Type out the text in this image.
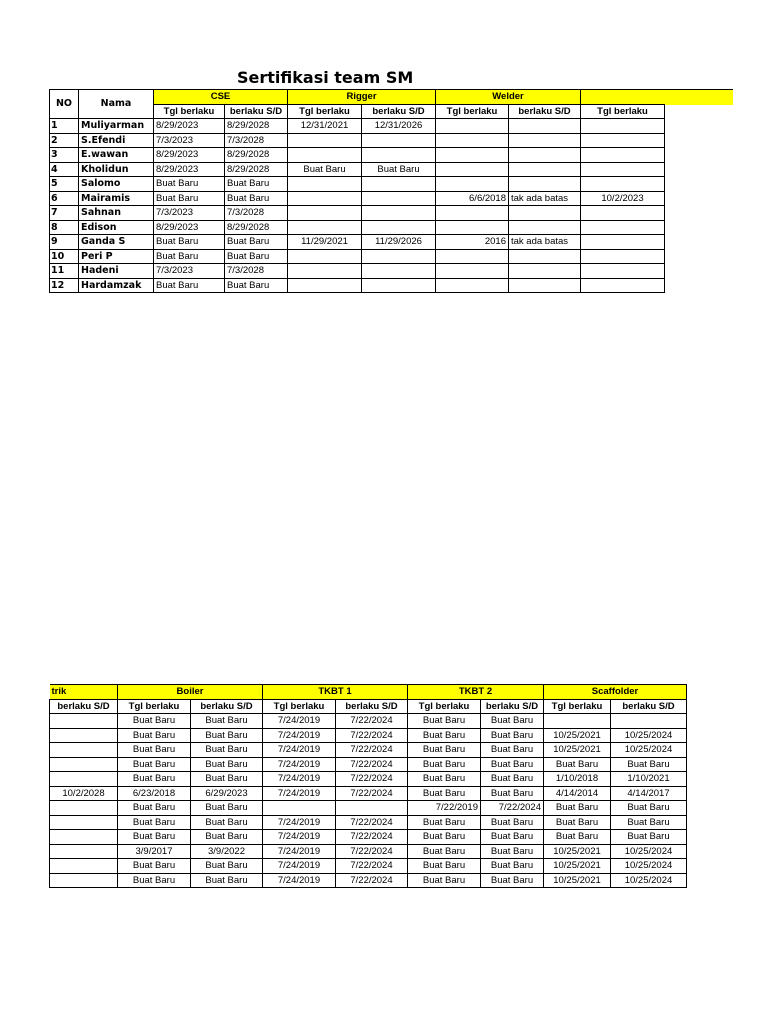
Sertifikasi team SM
NO	Nama	CSE		Rigger		Welder		
		Tgl berlaku	berlaku S/D	Tgl berlaku	berlaku S/D	Tgl berlaku	berlaku S/D	Tgl berlaku
1	Muliyarman	8/29/2023	8/29/2028	12/31/2021	12/31/2026			
2	S.Efendi	7/3/2023	7/3/2028					
3	E.wawan	8/29/2023	8/29/2028					
4	Kholidun	8/29/2023	8/29/2028	Buat Baru	Buat Baru			
5	Salomo	Buat Baru	Buat Baru					
6	Mairamis	Buat Baru	Buat Baru			6/6/2018	tak ada batas	10/2/2023
7	Sahnan	7/3/2023	7/3/2028					
8	Edison	8/29/2023	8/29/2028					
9	Ganda S	Buat Baru	Buat Baru	11/29/2021	11/29/2026	2016	tak ada batas	
10	Peri P	Buat Baru	Buat Baru					
11	Hadeni	7/3/2023	7/3/2028					
12	Hardamzak	Buat Baru	Buat Baru					
trik	Boiler		TKBT 1		TKBT 2		Scaffolder	
berlaku S/D	Tgl berlaku	berlaku S/D	Tgl berlaku	berlaku S/D	Tgl berlaku	berlaku S/D	Tgl berlaku	berlaku S/D
	Buat Baru	Buat Baru	7/24/2019	7/22/2024	Buat Baru	Buat Baru		
	Buat Baru	Buat Baru	7/24/2019	7/22/2024	Buat Baru	Buat Baru	10/25/2021	10/25/2024
	Buat Baru	Buat Baru	7/24/2019	7/22/2024	Buat Baru	Buat Baru	10/25/2021	10/25/2024
	Buat Baru	Buat Baru	7/24/2019	7/22/2024	Buat Baru	Buat Baru	Buat Baru	Buat Baru
	Buat Baru	Buat Baru	7/24/2019	7/22/2024	Buat Baru	Buat Baru	1/10/2018	1/10/2021
10/2/2028	6/23/2018	6/29/2023	7/24/2019	7/22/2024	Buat Baru	Buat Baru	4/14/2014	4/14/2017
	Buat Baru	Buat Baru			7/22/2019	7/22/2024	Buat Baru	Buat Baru
	Buat Baru	Buat Baru	7/24/2019	7/22/2024	Buat Baru	Buat Baru	Buat Baru	Buat Baru
	Buat Baru	Buat Baru	7/24/2019	7/22/2024	Buat Baru	Buat Baru	Buat Baru	Buat Baru
	3/9/2017	3/9/2022	7/24/2019	7/22/2024	Buat Baru	Buat Baru	10/25/2021	10/25/2024
	Buat Baru	Buat Baru	7/24/2019	7/22/2024	Buat Baru	Buat Baru	10/25/2021	10/25/2024
	Buat Baru	Buat Baru	7/24/2019	7/22/2024	Buat Baru	Buat Baru	10/25/2021	10/25/2024
